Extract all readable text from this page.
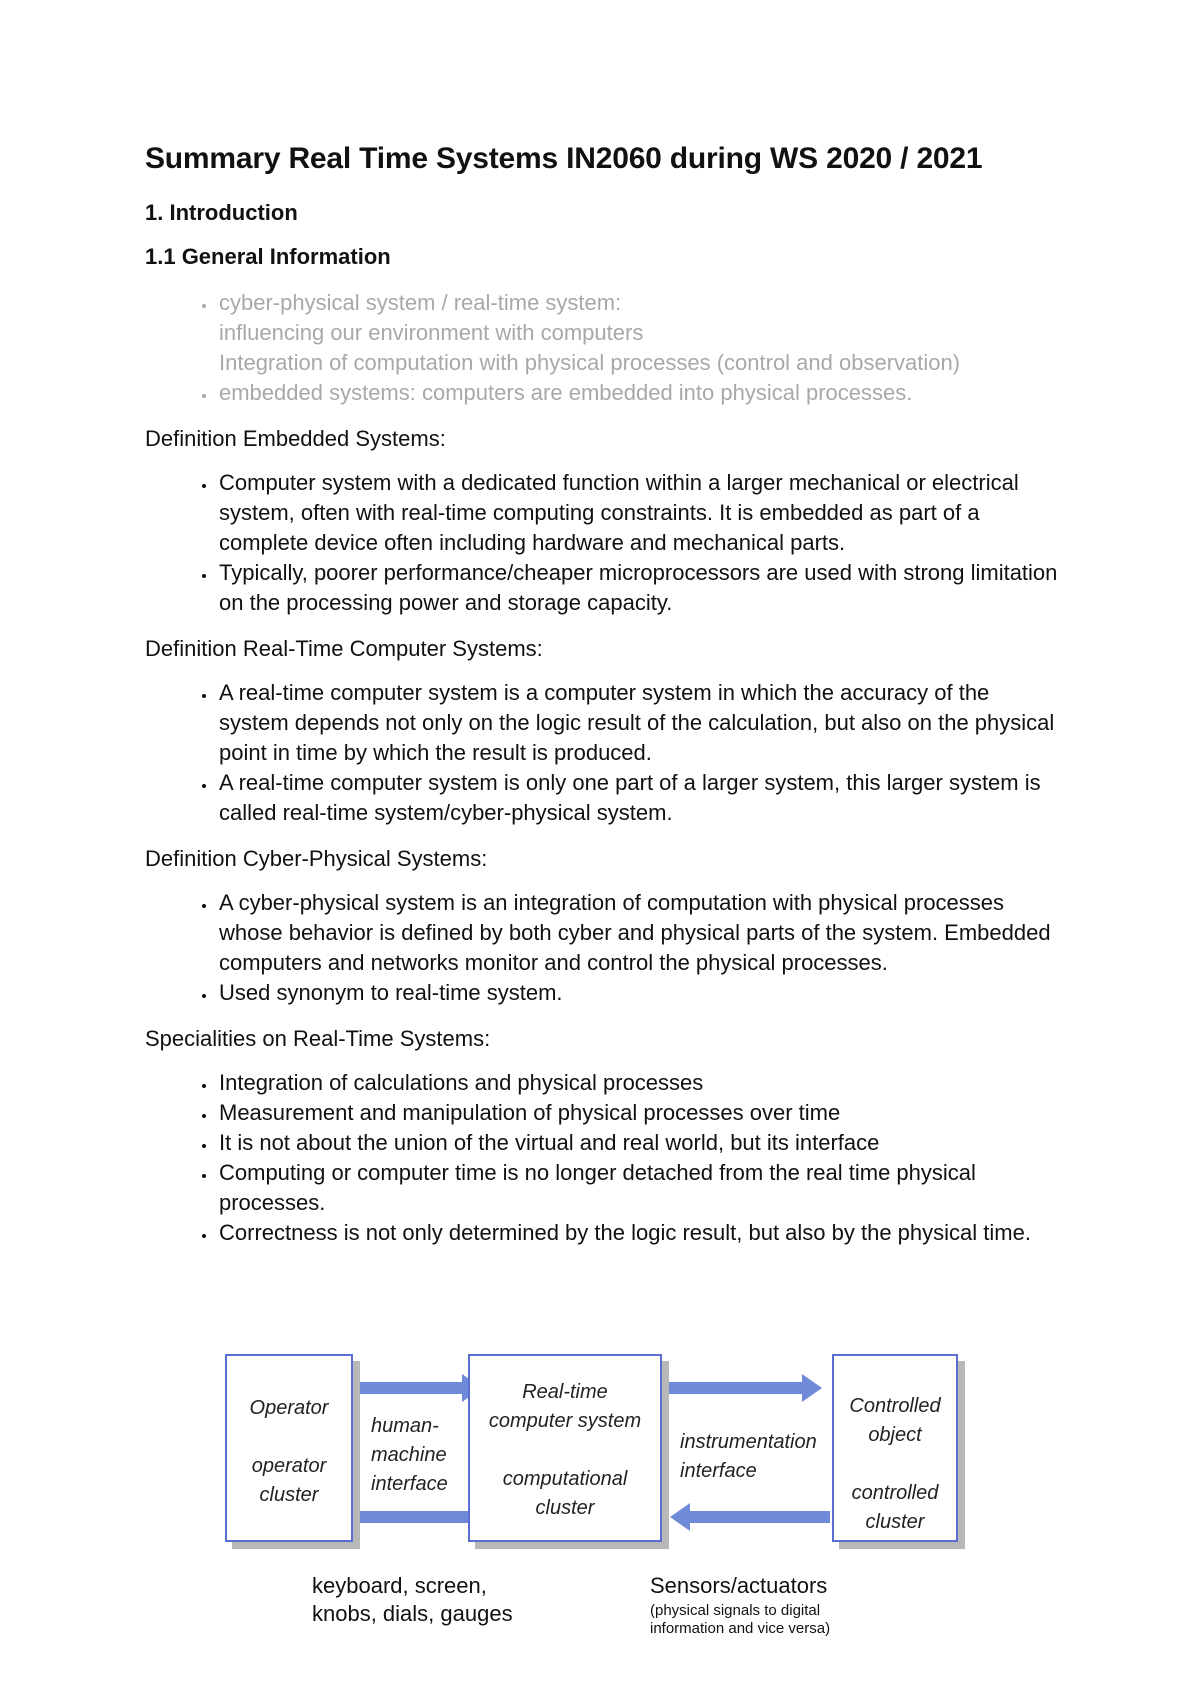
Summary Real Time Systems IN2060 during WS 2020 / 2021
1. Introduction
1.1 General Information
• cyber-physical system / real-time system:
influencing our environment with computers
Integration of computation with physical processes (control and observation)
• embedded systems: computers are embedded into physical processes.

Definition Embedded Systems:

• Computer system with a dedicated function within a larger mechanical or electrical system, often with real-time computing constraints. It is embedded as part of a complete device often including hardware and mechanical parts.
• Typically, poorer performance/cheaper microprocessors are used with strong limitation on the processing power and storage capacity.

Definition Real-Time Computer Systems:

• A real-time computer system is a computer system in which the accuracy of the system depends not only on the logic result of the calculation, but also on the physical point in time by which the result is produced.
• A real-time computer system is only one part of a larger system, this larger system is called real-time system/cyber-physical system.

Definition Cyber-Physical Systems:

• A cyber-physical system is an integration of computation with physical processes whose behavior is defined by both cyber and physical parts of the system. Embedded computers and networks monitor and control the physical processes.
• Used synonym to real-time system.

Specialities on Real-Time Systems:

• Integration of calculations and physical processes
• Measurement and manipulation of physical processes over time
• It is not about the union of the virtual and real world, but its interface
• Computing or computer time is no longer detached from the real time physical processes.
• Correctness is not only determined by the logic result, but also by the physical time.
Operator
operator
cluster
human-
machine
interface
Real-time
computer system
computational
cluster
instrumentation
interface
Controlled
object
controlled
cluster
keyboard, screen,
knobs, dials, gauges
Sensors/actuators
(physical signals to digital
information and vice versa)
